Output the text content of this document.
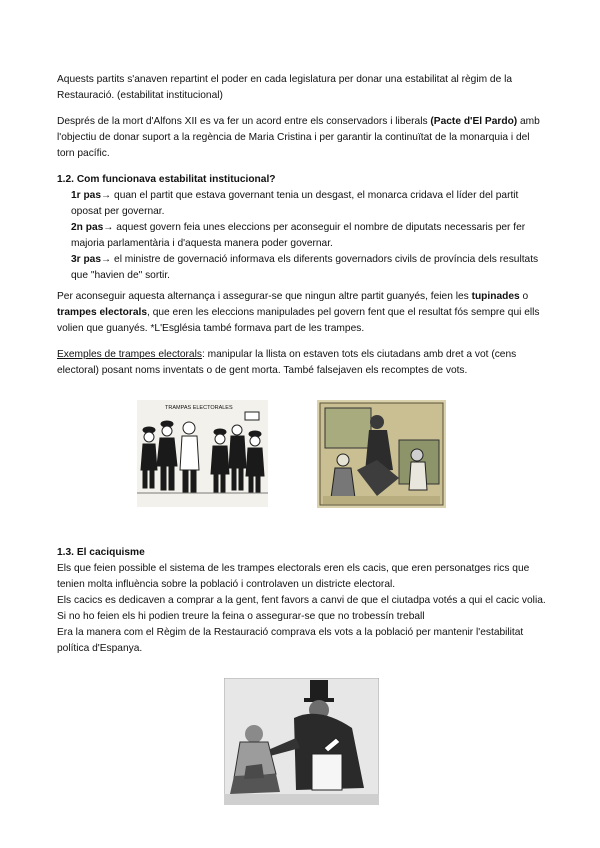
Aquests partits s'anaven repartint el poder en cada legislatura per donar una estabilitat al règim de la Restauració. (estabilitat institucional)

Després de la mort d'Alfons XII es va fer un acord entre els conservadors i liberals (Pacte d'El Pardo) amb l'objectiu de donar suport a la regència de Maria Cristina i per garantir la continuïtat de la monarquia i del torn pacífic.

1.2. Com funcionava estabilitat institucional?

1r pas→ quan el partit que estava governant tenia un desgast, el monarca cridava el líder del partit oposat per governar.

2n pas→ aquest govern feia unes eleccions per aconseguir el nombre de diputats necessaris per fer majoria parlamentària i d'aquesta manera poder governar.

3r pas→ el ministre de governació informava els diferents governadors civils de província dels resultats que "havien de" sortir.

Per aconseguir aquesta alternança i assegurar-se que ningun altre partit guanyés, feien les tupinades o trampes electorals, que eren les eleccions manipulades pel govern fent que el resultat fós sempre qui ells volien que guanyés. *L'Església també formava part de les trampes.

Exemples de trampes electorals: manipular la llista on estaven tots els ciutadans amb dret a vot (cens electoral) posant noms inventats o de gent morta. També falsejaven els recomptes de vots.

TRAMPAS ELECTORALES

1.3. El caciquisme

Els que feien possible el sistema de les trampes electorals eren els cacis, que eren personatges rics que tenien molta influència sobre la població i controlaven un districte electoral.

Els cacics es dedicaven a comprar a la gent, fent favors a canvi de que el ciutadpa votés a qui el cacic volia. Si no ho feien els hi podien treure la feina o assegurar-se que no trobessín treball

Era la manera com el Règim de la Restauració comprava els vots a la població per mantenir l'estabilitat política d'Espanya.
